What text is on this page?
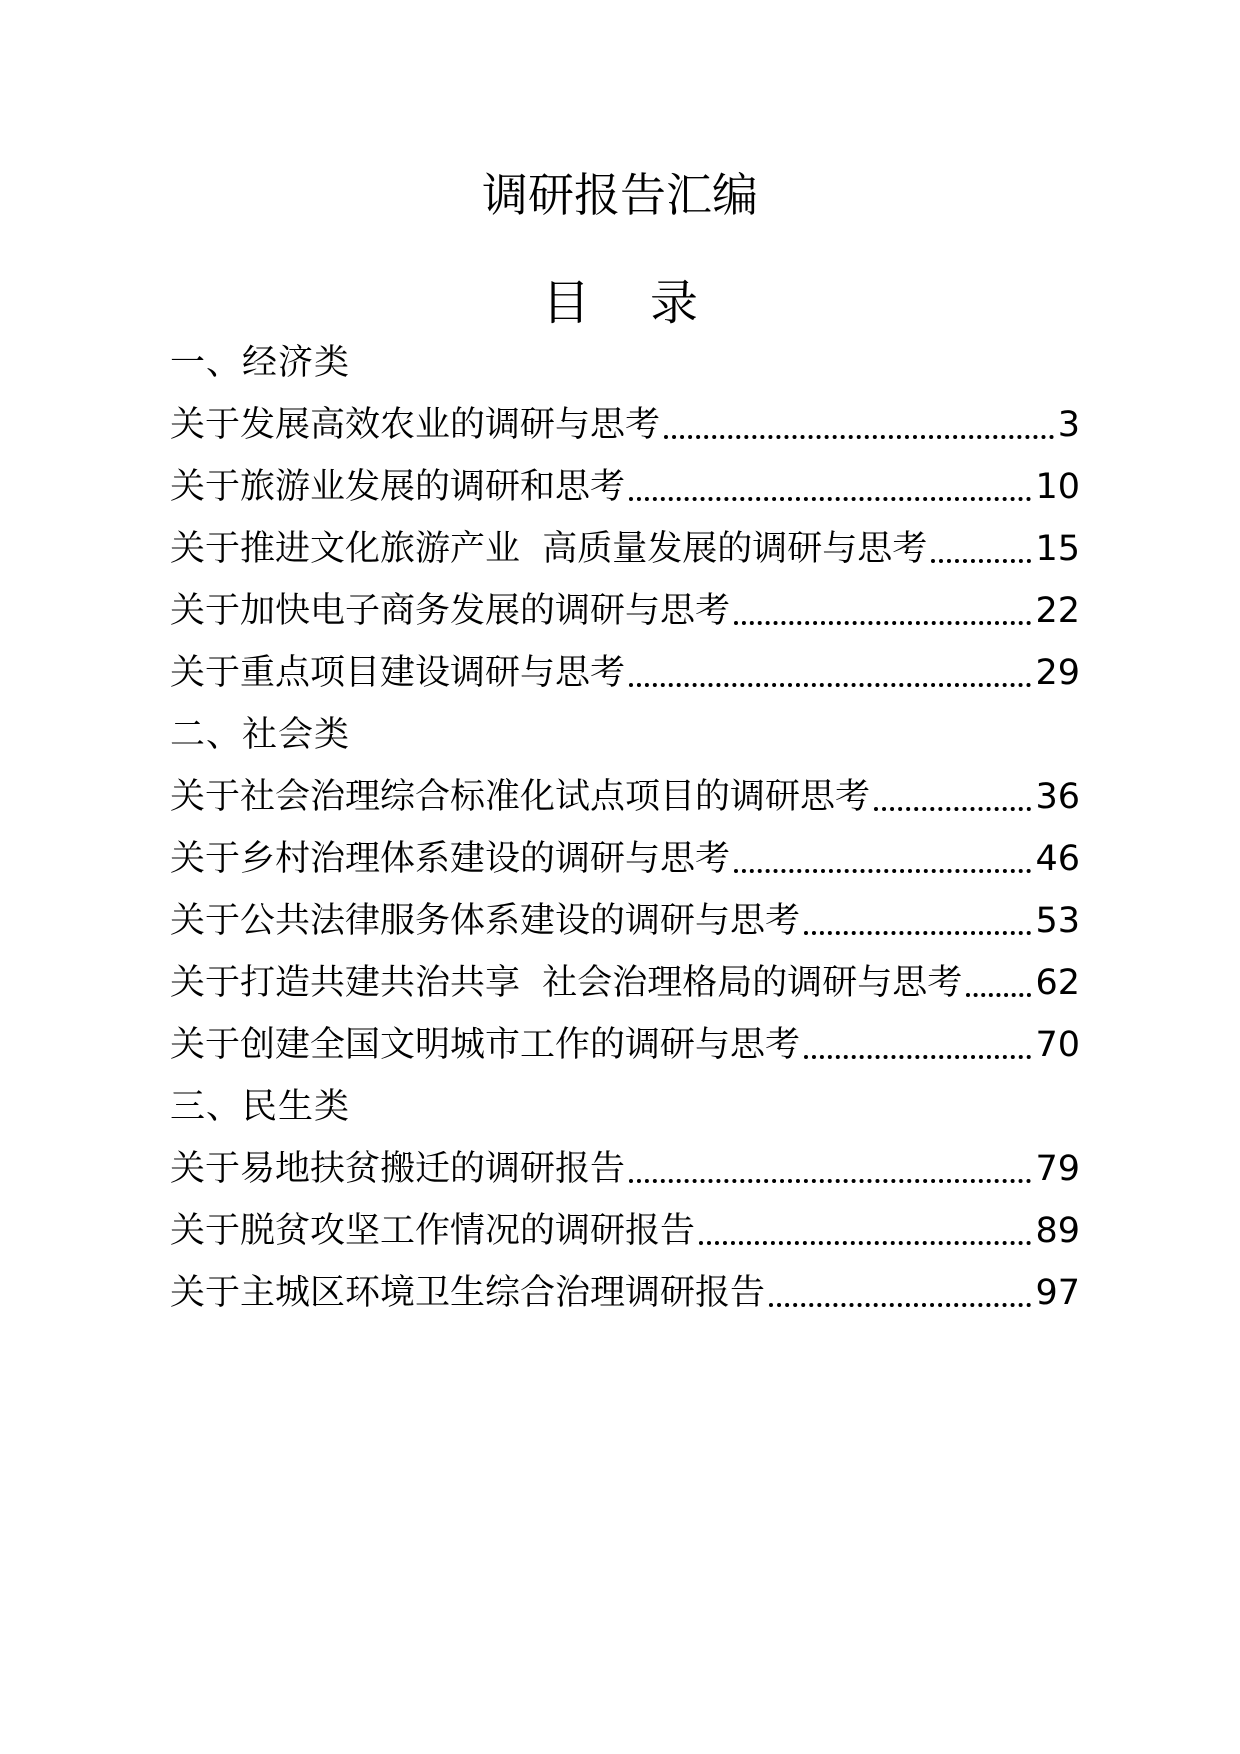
调研报告汇编
目 录
一、经济类
关于发展高效农业的调研与思考	3
关于旅游业发展的调研和思考	10
关于推进文化旅游产业  高质量发展的调研与思考	15
关于加快电子商务发展的调研与思考	22
关于重点项目建设调研与思考	29
二、社会类
关于社会治理综合标准化试点项目的调研思考	36
关于乡村治理体系建设的调研与思考	46
关于公共法律服务体系建设的调研与思考	53
关于打造共建共治共享  社会治理格局的调研与思考 62
关于创建全国文明城市工作的调研与思考	70
三、民生类
关于易地扶贫搬迁的调研报告	79
关于脱贫攻坚工作情况的调研报告	89
关于主城区环境卫生综合治理调研报告	97
